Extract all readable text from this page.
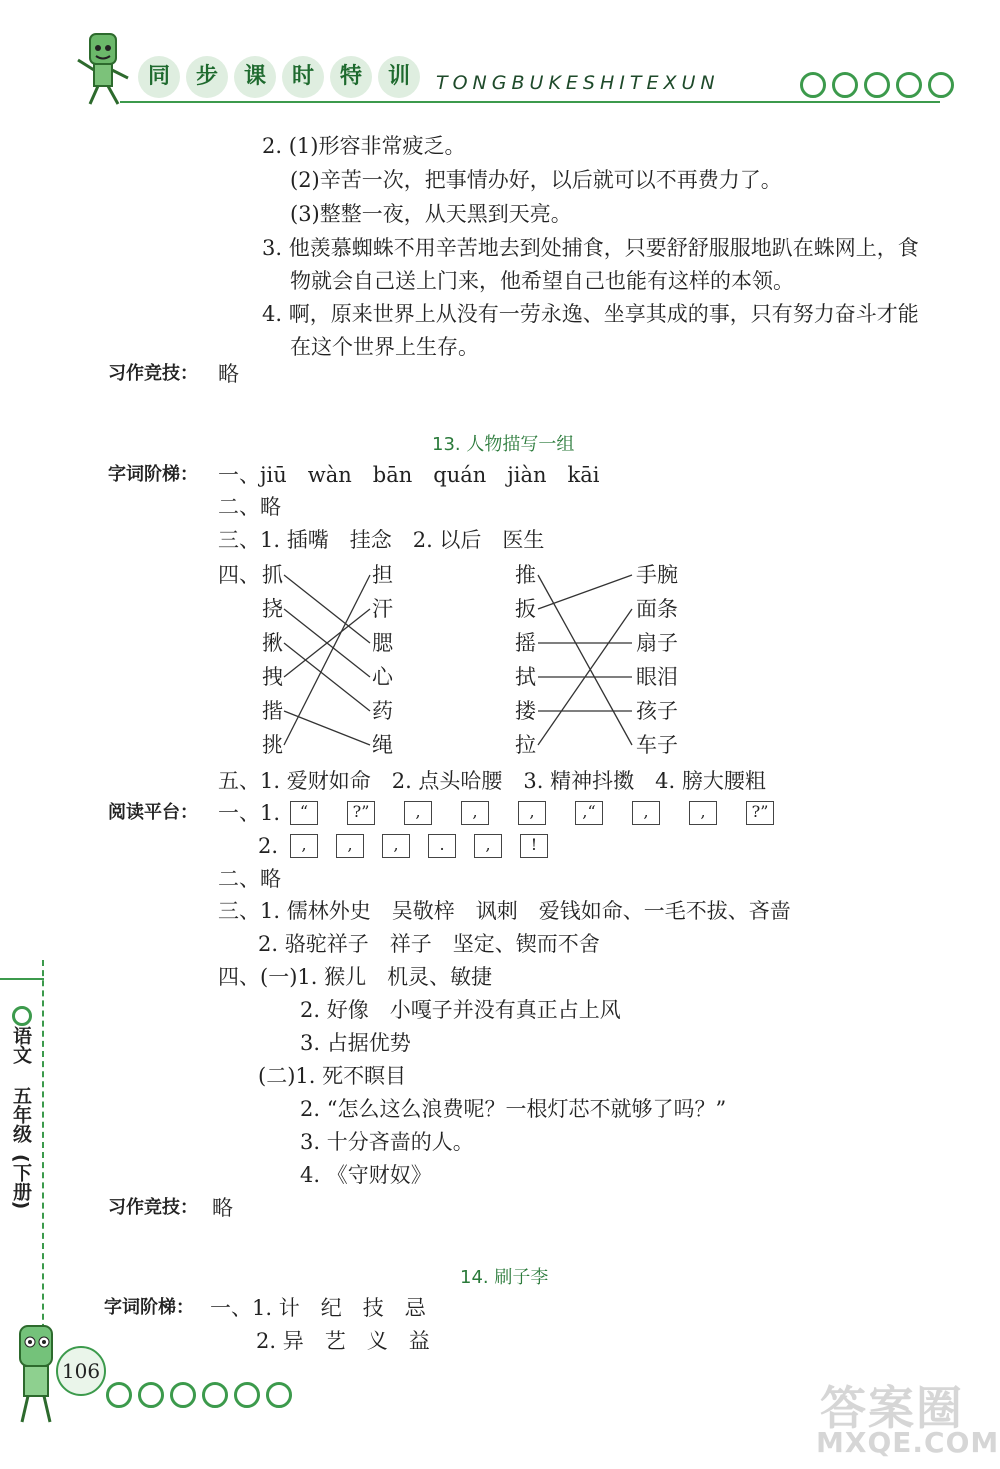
同 步 课 时 特 训	TONGBUKESHITEXUN
2. (1)形容非常疲乏。
(2)辛苦一次，把事情办好，以后就可以不再费力了。
(3)整整一夜，从天黑到天亮。
3. 他羡慕蜘蛛不用辛苦地去到处捕食，只要舒舒服服地趴在蛛网上，食
物就会自己送上门来，他希望自己也能有这样的本领。
4. 啊，原来世界上从没有一劳永逸、坐享其成的事，只有努力奋斗才能
在这个世界上生存。
习作竞技： 略
13. 人物描写一组
字词阶梯： 一、jiū　wàn　bān　quán　jiàn　kāi
二、略
三、1. 插嘴　挂念　2. 以后　医生
四、 抓
挠
揪
拽
揩
挑
担
汗
腮
心
药
绳
推
扳
摇
拭
搂
拉
手腕
面条
扇子
眼泪
孩子
车子
五、1. 爱财如命　2. 点头哈腰　3. 精神抖擞　4. 膀大腰粗
阅读平台： 一、1.	“	?”	,	,	,	,“	,	,	?”
2.	,	,	,	.	,	!
二、略
三、1. 儒林外史　吴敬梓　讽刺　爱钱如命、一毛不拔、吝啬
2. 骆驼祥子　祥子　坚定、锲而不舍
四、(一)1. 猴儿　机灵、敏捷
2. 好像　小嘎子并没有真正占上风
3. 占据优势
(二)1. 死不瞑目
2. “怎么这么浪费呢？一根灯芯不就够了吗？”
3. 十分吝啬的人。
4. 《守财奴》
习作竞技： 略
14. 刷子李
字词阶梯： 一、1. 计　纪　技　忌
2. 异　艺　义　益
语文
五年级
(下册)
106
答案圈
MXQE.COM
